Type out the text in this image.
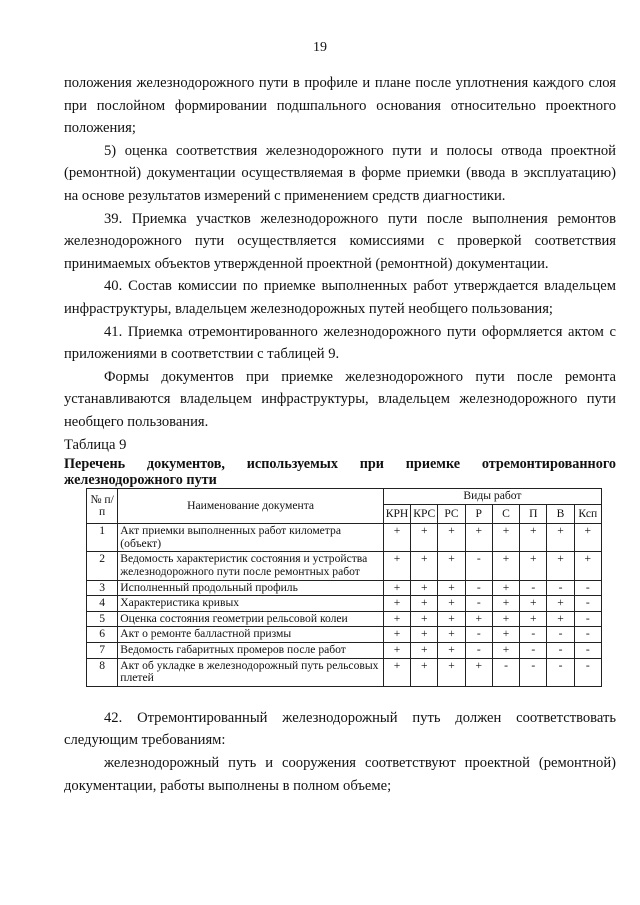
19

положения железнодорожного пути в профиле и плане после уплотнения каждого слоя при послойном формировании подшпального основания относительно проектного положения;

5) оценка соответствия железнодорожного пути и полосы отвода проектной (ремонтной) документации осуществляемая в форме приемки (ввода в эксплуатацию) на основе результатов измерений с применением средств диагностики.

39. Приемка участков железнодорожного пути после выполнения ремонтов железнодорожного пути осуществляется комиссиями с проверкой соответствия принимаемых объектов утвержденной проектной (ремонтной) документации.

40. Состав комиссии по приемке выполненных работ утверждается владельцем инфраструктуры, владельцем железнодорожных путей необщего пользования;

41. Приемка отремонтированного железнодорожного пути оформляется актом с приложениями в соответствии с таблицей 9.

Формы документов при приемке железнодорожного пути после ремонта устанавливаются владельцем инфраструктуры, владельцем железнодорожного пути необщего пользования.

Таблица 9

Перечень документов, используемых при приемке отремонтированного железнодорожного пути

№ п/п	Наименование документа	Виды работ							
		КРН	КРС	РС	Р	С	П	В	Ксп
1	Акт приемки выполненных работ километра (объект)	+	+	+	+	+	+	+	+
2	Ведомость характеристик состояния и устройства железнодорожного пути после ремонтных работ	+	+	+	-	+	+	+	+
3	Исполненный продольный профиль	+	+	+	-	+	-	-	-
4	Характеристика кривых	+	+	+	-	+	+	+	-
5	Оценка состояния геометрии рельсовой колеи	+	+	+	+	+	+	+	-
6	Акт о ремонте балластной призмы	+	+	+	-	+	-	-	-
7	Ведомость габаритных промеров после работ	+	+	+	-	+	-	-	-
8	Акт об укладке в железнодорожный путь рельсовых плетей	+	+	+	+	-	-	-	-

42. Отремонтированный железнодорожный путь должен соответствовать следующим требованиям:

железнодорожный путь и сооружения соответствуют проектной (ремонтной) документации, работы выполнены в полном объеме;
